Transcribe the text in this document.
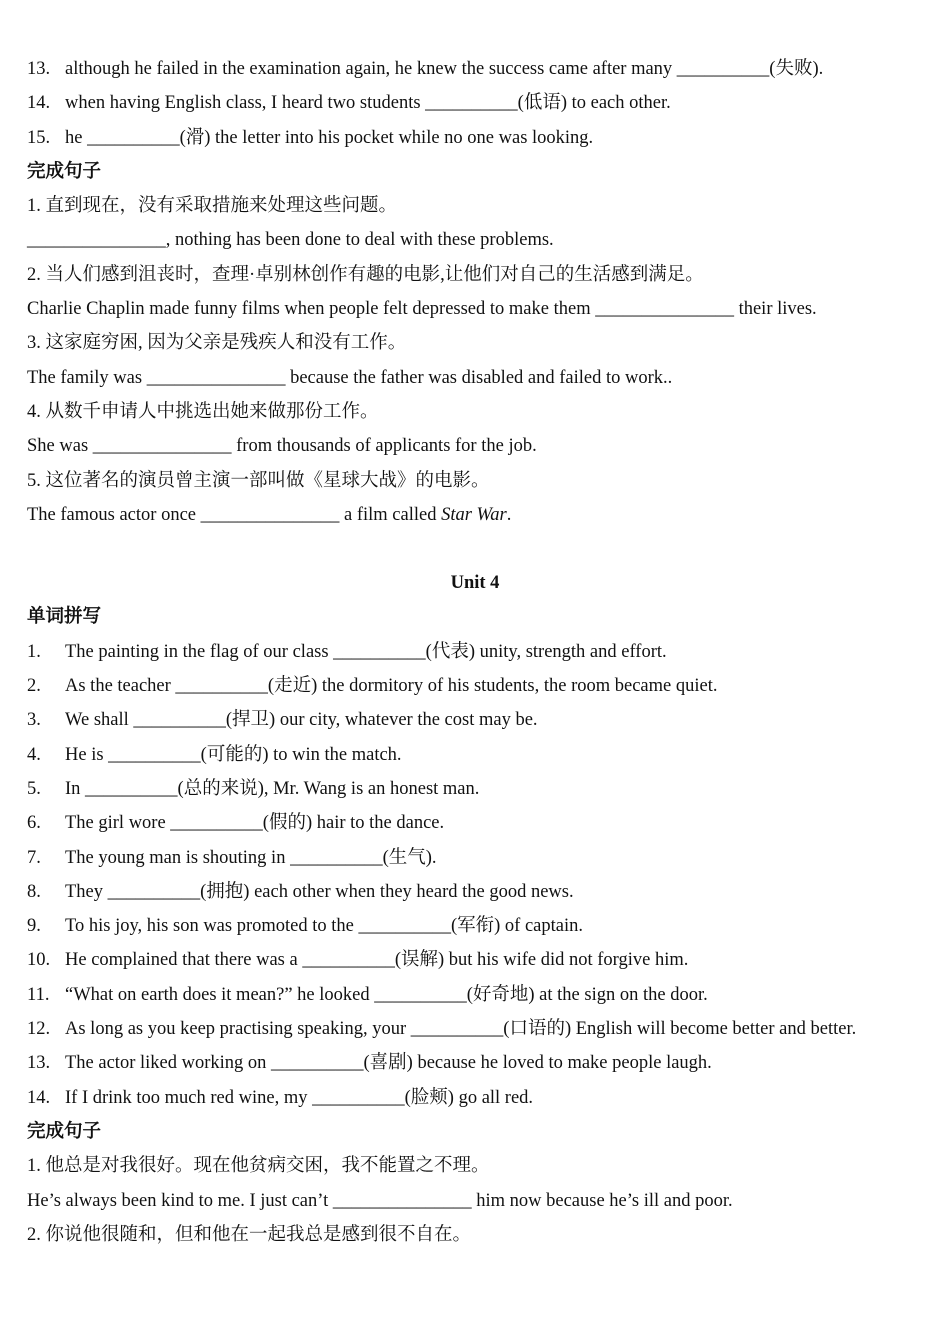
13. although he failed in the examination again, he knew the success came after many __________(失败).
14. when having English class, I heard two students __________(低语) to each other.
15. he __________(滑) the letter into his pocket while no one was looking.
完成句子
1. 直到现在，没有采取措施来处理这些问题。
_______________, nothing has been done to deal with these problems.
2. 当人们感到沮丧时，查理·卓别林创作有趣的电影,让他们对自己的生活感到满足。
Charlie Chaplin made funny films when people felt depressed to make them _______________ their lives.
3. 这家庭穷困, 因为父亲是残疾人和没有工作。
The family was _______________ because the father was disabled and failed to work..
4. 从数千申请人中挑选出她来做那份工作。
She was _______________ from thousands of applicants for the job.
5. 这位著名的演员曾主演一部叫做《星球大战》的电影。
The famous actor once _______________ a film called Star War.
Unit 4
单词拼写
1.	The painting in the flag of our class __________(代表) unity, strength and effort.
2.	As the teacher __________(走近) the dormitory of his students, the room became quiet.
3.	We shall __________(捍卫) our city, whatever the cost may be.
4.	He is __________(可能的) to win the match.
5.	In __________(总的来说), Mr. Wang is an honest man.
6.	The girl wore __________(假的) hair to the dance.
7.	The young man is shouting in __________(生气).
8.	They __________(拥抱) each other when they heard the good news.
9.	To his joy, his son was promoted to the __________(军衔) of captain.
10. He complained that there was a __________(误解) but his wife did not forgive him.
11. “What on earth does it mean?” he looked __________(好奇地) at the sign on the door.
12. As long as you keep practising speaking, your __________(口语的) English will become better and better.
13. The actor liked working on __________(喜剧) because he loved to make people laugh.
14. If I drink too much red wine, my __________(脸颊) go all red.
完成句子
1. 他总是对我很好。现在他贫病交困，我不能置之不理。
He’s always been kind to me. I just can’t _______________ him now because he’s ill and poor.
2. 你说他很随和，但和他在一起我总是感到很不自在。
